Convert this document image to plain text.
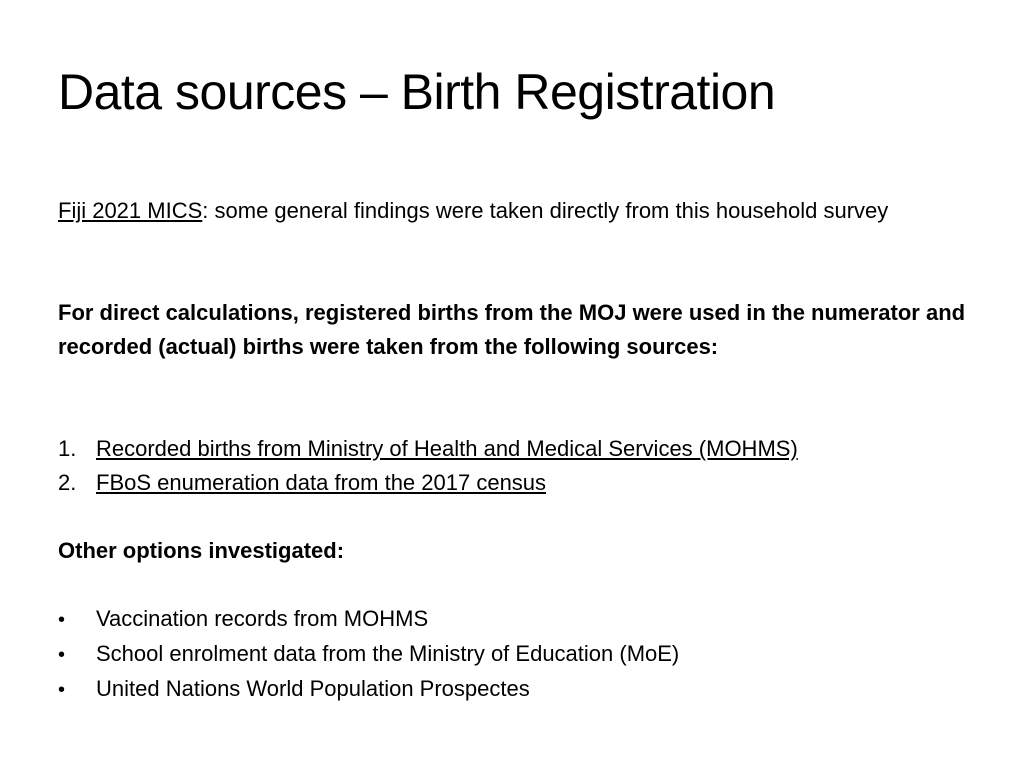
Data sources – Birth Registration
Fiji 2021 MICS: some general findings were taken directly from this household survey
For direct calculations, registered births from the MOJ were used in the numerator and recorded (actual) births were taken from the following sources:
1. Recorded births from Ministry of Health and Medical Services (MOHMS)
2. FBoS enumeration data from the 2017 census
Other options investigated:
•	Vaccination records from MOHMS
•	School enrolment data from the Ministry of Education (MoE)
•	United Nations World Population Prospectes
